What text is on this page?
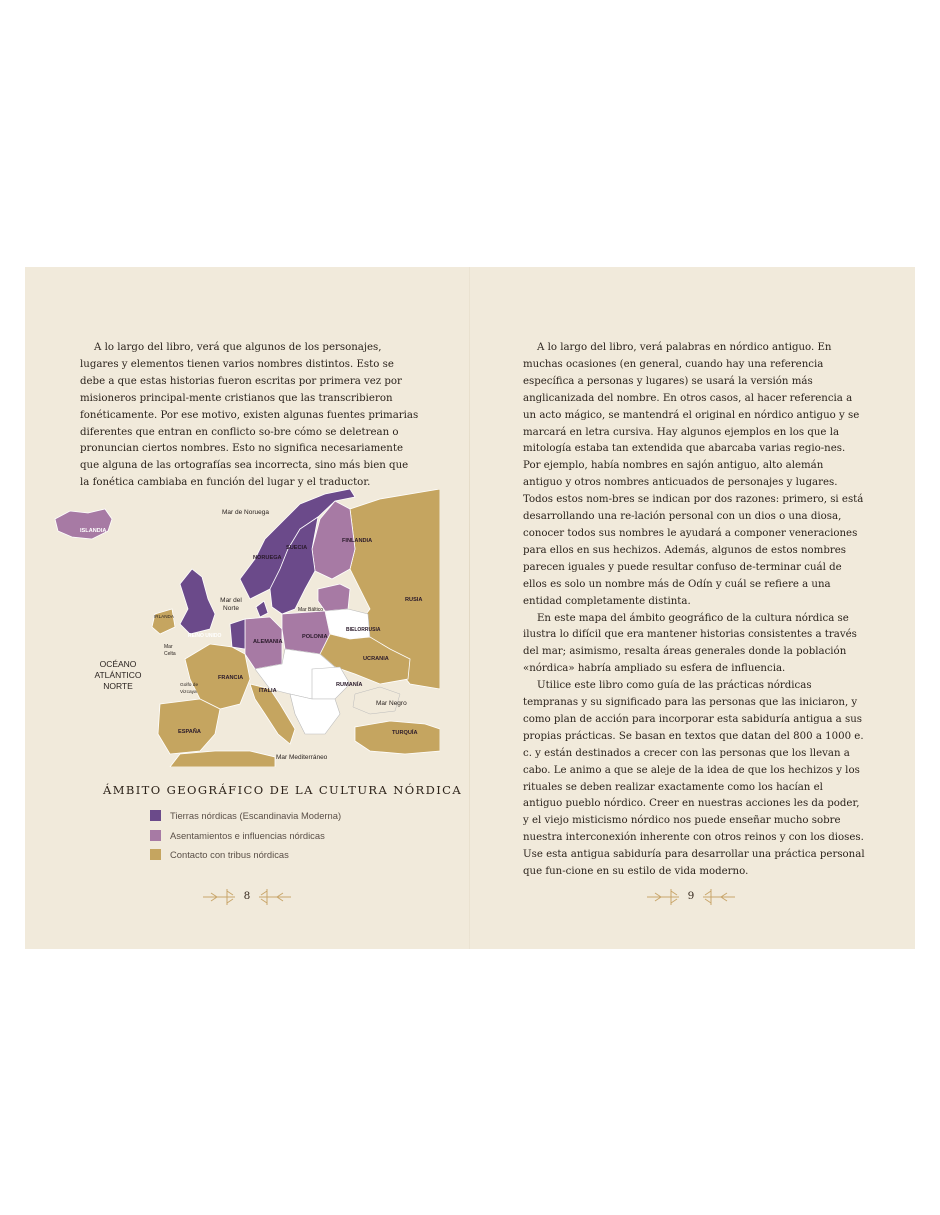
A lo largo del libro, verá que algunos de los personajes, lugares y elementos tienen varios nombres distintos. Esto se debe a que estas historias fueron escritas por primera vez por misioneros principal-mente cristianos que las transcribieron fonéticamente. Por ese motivo, existen algunas fuentes primarias diferentes que entran en conflicto so-bre cómo se deletrean o pronuncian ciertos nombres. Esto no significa necesariamente que alguna de las ortografías sea incorrecta, sino más bien que la fonética cambiaba en función del lugar y el traductor.

ISLANDIA
Mar de Noruega
SUECIA
NORUEGA
FINLANDIA
RUSIA
Mar del Norte	Mar Báltico
REINO UNIDO
IRLANDA
Mar Celta
ALEMANIA
POLONIA
BIELORRUSIA
UCRANIA
OCÉANO ATLÁNTICO NORTE
FRANCIA
Golfo de Vizcaya
RUMANÍA
ITALIA
Mar Negro
ESPAÑA	TURQUÍA
Mar Mediterráneo
ÁMBITO GEOGRÁFICO DE LA CULTURA NÓRDICA
Tierras nórdicas (Escandinavia Moderna)
Asentamientos e influencias nórdicas
Contacto con tribus nórdicas
8

A lo largo del libro, verá palabras en nórdico antiguo. En muchas ocasiones (en general, cuando hay una referencia específica a personas y lugares) se usará la versión más anglicanizada del nombre. En otros casos, al hacer referencia a un acto mágico, se mantendrá el original en nórdico antiguo y se marcará en letra cursiva. Hay algunos ejemplos en los que la mitología estaba tan extendida que abarcaba varias regio-nes. Por ejemplo, había nombres en sajón antiguo, alto alemán antiguo y otros nombres anticuados de personajes y lugares. Todos estos nom-bres se indican por dos razones: primero, si está desarrollando una re-lación personal con un dios o una diosa, conocer todos sus nombres le ayudará a componer veneraciones para ellos en sus hechizos. Además, algunos de estos nombres parecen iguales y puede resultar confuso de-terminar cuál de ellos es solo un nombre más de Odín y cuál se refiere a una entidad completamente distinta.

En este mapa del ámbito geográfico de la cultura nórdica se ilustra lo difícil que era mantener historias consistentes a través del mar; asimismo, resalta áreas generales donde la población «nórdica» habría ampliado su esfera de influencia.

Utilice este libro como guía de las prácticas nórdicas tempranas y su significado para las personas que las iniciaron, y como plan de acción para incorporar esta sabiduría antigua a sus propias prácticas. Se basan en textos que datan del 800 a 1000 e. c. y están destinados a crecer con las personas que los llevan a cabo. Le animo a que se aleje de la idea de que los hechizos y los rituales se deben realizar exactamente como los hacían el antiguo pueblo nórdico. Creer en nuestras acciones les da poder, y el viejo misticismo nórdico nos puede enseñar mucho sobre nuestra interconexión inherente con otros reinos y con los dioses. Use esta antigua sabiduría para desarrollar una práctica personal que fun-cione en su estilo de vida moderno.

9
